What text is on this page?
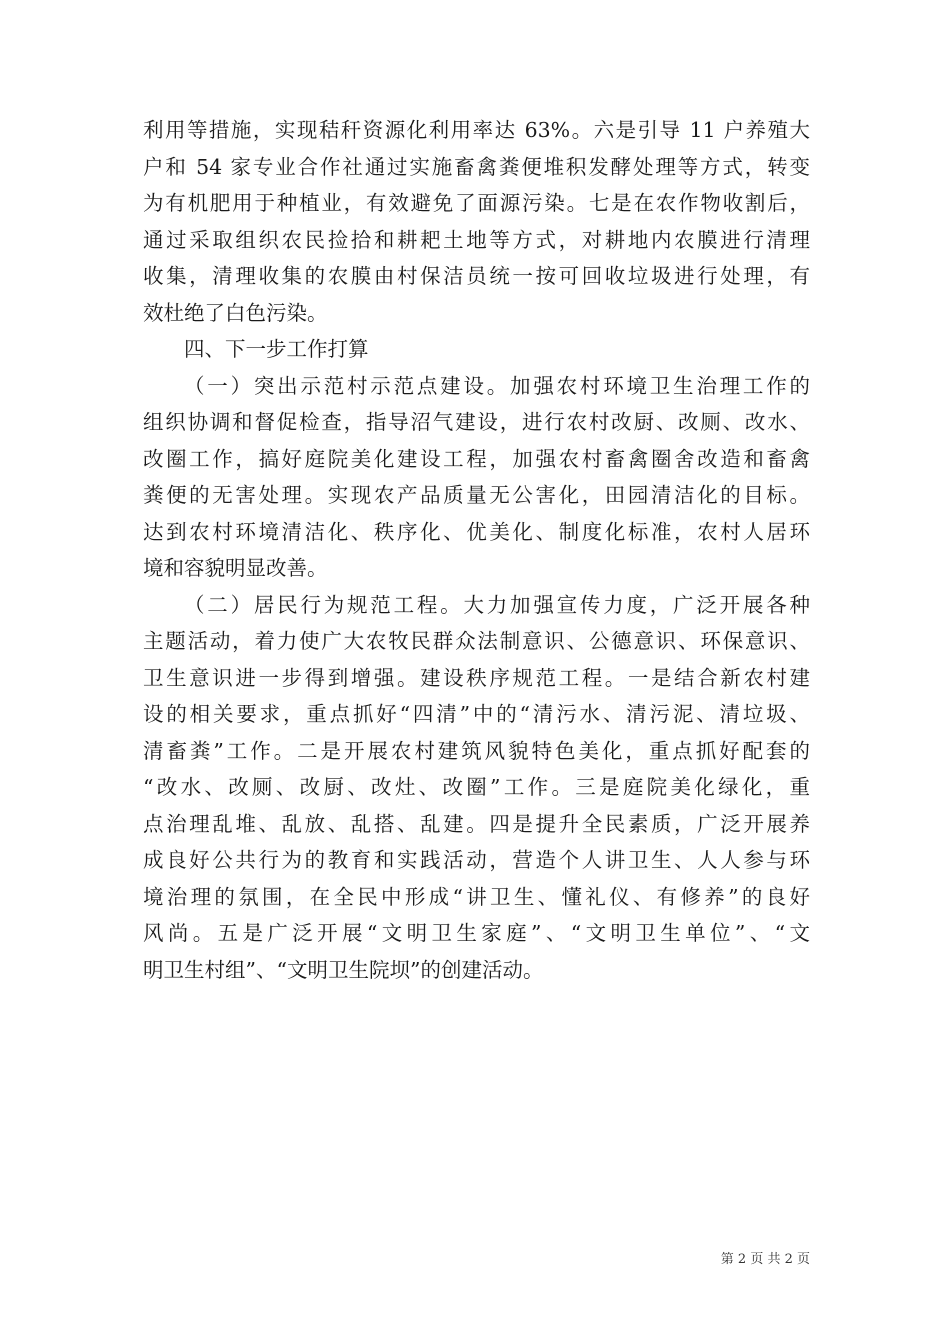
利用等措施，实现秸秆资源化利用率达 63%。六是引导 11 户养殖大
户和 54 家专业合作社通过实施畜禽粪便堆积发酵处理等方式，转变
为有机肥用于种植业，有效避免了面源污染。七是在农作物收割后，
通过采取组织农民捡拾和耕耙土地等方式，对耕地内农膜进行清理
收集，清理收集的农膜由村保洁员统一按可回收垃圾进行处理，有
效杜绝了白色污染。
四、下一步工作打算
（一）突出示范村示范点建设。加强农村环境卫生治理工作的
组织协调和督促检查，指导沼气建设，进行农村改厨、改厕、改水、
改圈工作，搞好庭院美化建设工程，加强农村畜禽圈舍改造和畜禽
粪便的无害处理。实现农产品质量无公害化，田园清洁化的目标。
达到农村环境清洁化、秩序化、优美化、制度化标准，农村人居环
境和容貌明显改善。
（二）居民行为规范工程。大力加强宣传力度，广泛开展各种
主题活动，着力使广大农牧民群众法制意识、公德意识、环保意识、
卫生意识进一步得到增强。建设秩序规范工程。一是结合新农村建
设的相关要求，重点抓好“四清”中的“清污水、清污泥、清垃圾、
清畜粪”工作。二是开展农村建筑风貌特色美化，重点抓好配套的
“改水、改厕、改厨、改灶、改圈”工作。三是庭院美化绿化，重
点治理乱堆、乱放、乱搭、乱建。四是提升全民素质，广泛开展养
成良好公共行为的教育和实践活动，营造个人讲卫生、人人参与环
境治理的氛围，在全民中形成“讲卫生、懂礼仪、有修养”的良好
风尚。五是广泛开展“文明卫生家庭”、“文明卫生单位”、“文
明卫生村组”、“文明卫生院坝”的创建活动。
第 2 页 共 2 页
